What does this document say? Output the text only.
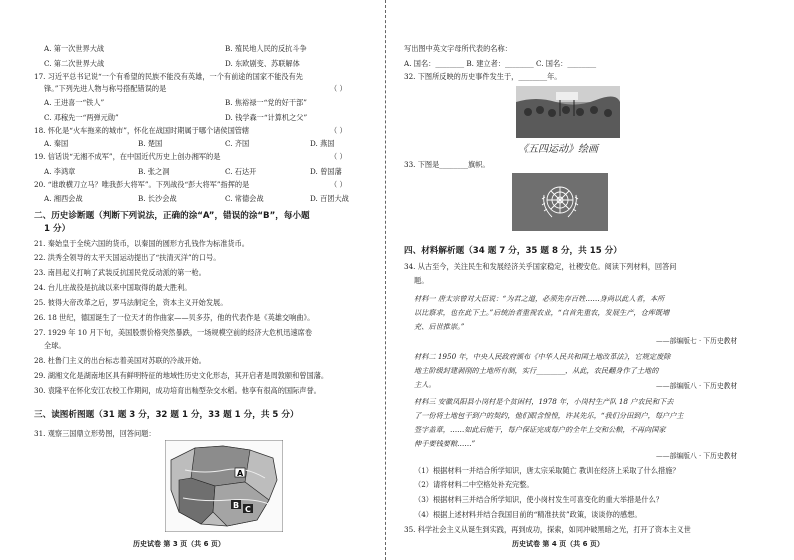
A. 第一次世界大战	B. 殖民地人民的反抗斗争
C. 第二次世界大战	D. 东欧剧变、苏联解体
17. 习近平总书记说“一个有希望的民族不能没有英雄，一个有前途的国家不能没有先
锋。”下列先进人物与称号搭配错误的是	（ ）
A. 王进喜一“铁人”	B. 焦裕禄一“党的好干部”
C. 邓稼先一“两弹元勋”	D. 钱学森一“计算机之父”
18. 怀化是“火车拖来的城市”，怀化在战国时期属于哪个诸侯国管辖	（ ）
A. 秦国	B. 楚国	C. 齐国	D. 燕国
19. 信话说“无湘不成军”，在中国近代历史上创办湘军的是	（ ）
A. 李鸿章	B. 张之洞	C. 石达开	D. 曾国藩
20. “谁敢横刀立马？唯我彭大将军”。下列战役“彭大将军”指挥的是	（ ）
A. 湘西会战	B. 长沙会战	C. 常德会战	D. 百团大战
21. 秦始皇于全统六国的货币，以秦国的圆形方孔钱作为标准货币。
22. 洪秀全领导的太平天国运动提出了“扶清灭洋”的口号。
23. 南昌起义打响了武装反抗国民党反动派的第一枪。
24. 台儿庄战役是抗战以来中国取得的最大胜利。
25. 彼得大帝改革之后，罗马法制定全，资本主义开始发展。
26. 18 世纪，德国诞生了一位天才的作曲家——贝多芬，他的代表作是《英雄交响曲》。
27. 1929 年 10 月下旬，美国股票价格突然暴跌，一场规模空前的经济大危机迅速席卷
全球。
28. 杜鲁门主义的出台标志着美国对苏联的冷战开始。
29. 湖湘文化是湖南地区具有鲜明特征的地域性历史文化形态，其开启者是周敦颐和曾国藩。
30. 袁隆平在怀化安江农校工作期间，成功培育出籼型杂交水稻。他享有很高的国际声誉。
31. 观察三国鼎立形势图，回答问题：
二、历史诊断题（判断下列说法，正确的涂“A”，错误的涂“B”，每小题
1 分）
三、读图析图题（31 题 3 分，32 题 1 分，33 题 1 分，共 5 分）
写出图中英文字母所代表的名称：
A. 国名：________ B. 建立者：________ C. 国名：________
32. 下图所反映的历史事件发生于，________年。
33. 下图是________旗帜。
34. 从古至今，关注民生和发展经济关乎国家稳定，社稷安危。阅读下列材料，回答问
题。
材料一 唐太宗曾对大臣说：“为君之道，必须先存百姓……身尚以此人者，本所
以比察求，也在此下土。”后统治者重视农业，“自首先重农，发展生产，仓库既增
充、后世推崇。”
材料二 1950 年，中央人民政府颁布《中华人民共和国土地改革法》，它规定废除
地主阶级封建剥削的土地所有制，实行________，从此，农民翻身作了土地的
主人。
材料三 安徽凤阳县小岗村是个贫困村，1978 年，小岗村生产队 18 户农民和下去
了一份将土地包干到户的契约，他们眼含惶惶，许其先乐，“我们分田到户，每户户主
签字盖章，……如此后能干，每户保证完成每户的全年上交和公粮，不再向国家
伸手要钱要粮……”
（1）根据材料一并结合所学知识，唐太宗采取随亡 教训在经济上采取了什么措施？
（2）请将材料二中空格处补充完整。
（3）根据材料三并结合所学知识，使小岗村发生可喜变化的重大举措是什么？
（4）根据上述材料并结合我国目前的“精准扶贫”政策，谈谈你的感想。
35. 科学社会主义从诞生到实践，再到成功，探索，如同冲破黑暗之光，打开了资本主义世
四、材料解析题（34 题 7 分，35 题 8 分，共 15 分）
——部编版七 · 下历史教材
——部编版八 · 下历史教材
——部编版八 · 下历史教材
A
B C
《五四运动》绘画
历史试卷 第 3 页（共 6 页）	历史试卷 第 4 页（共 6 页）
